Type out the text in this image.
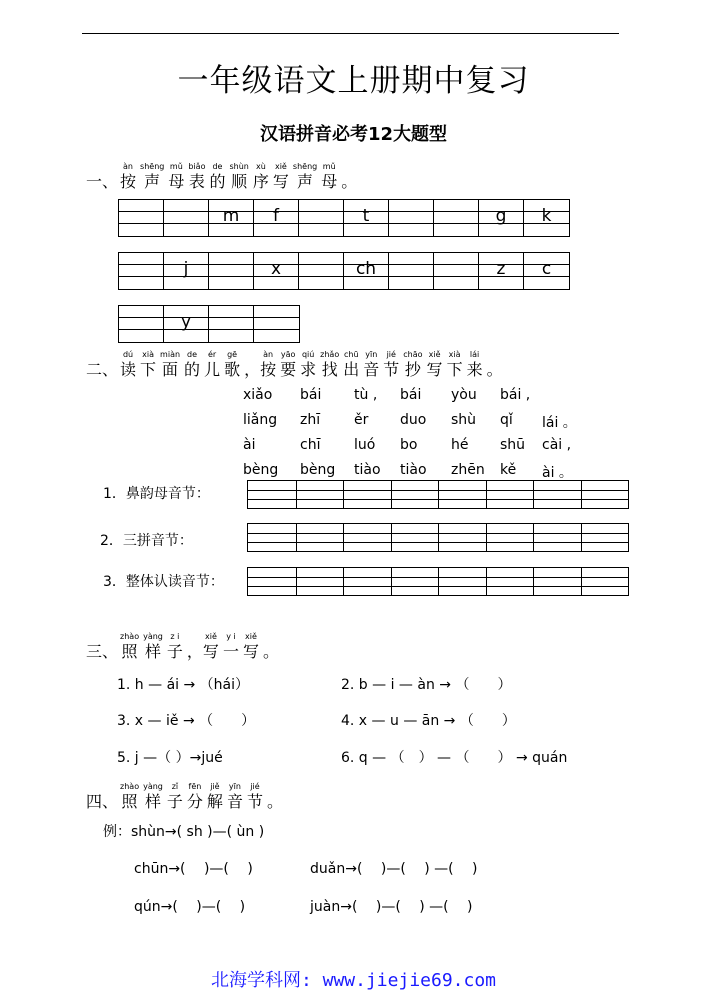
一年级语文上册期中复习
汉语拼音必考12大题型
一、
àn
按
shēng
声
mǔ
母
biǎo
表
de
的
shùn
顺
xù
序
xiě
写
shēng
声
mǔ
母 。
m	f	t	g	k
j	x	ch	z	c
y
二、
dú
读
xià
下
miàn
面
de
的
ér
儿
gē
歌 ，
àn
按
yāo
要
qiú
求
zhǎo
找
chū
出
yīn
音
jié
节
chāo
抄
xiě
写
xià
下
lái
来 。
xiǎo bái tù , bái yòu bái ,
liǎng zhī ěr duo shù qǐ lái 。
ài	chī luó bo hé shū cài ,
bèng bèng tiào tiào zhēn kě ài 。
1．鼻韵母音节：
2．三拼音节：
3．整体认读音节：
三、
zhào
照
yàng
样
z i
子 ，
xiě
写
y i
一
xiě
写 。
1. h — ái → （hái）	2. b — i — àn → （　　）
3. x — iě → （　　）	4. x — u — ān → （　　）
5. j —（ ）→jué	6. q — （　） — （　　） → quán
四、
zhào
照
yàng
样
zǐ
子
fēn
分
jiě
解
yīn
音
jié
节 。
例：shùn→( sh )—( ùn )
chūn→(　 )—(　 )	duǎn→(　 )—(　 ) —(　 )
qún→(　 )—(　 )	juàn→(　 )—(　 ) —(　 )
北海学科网: www.jiejie69.com
